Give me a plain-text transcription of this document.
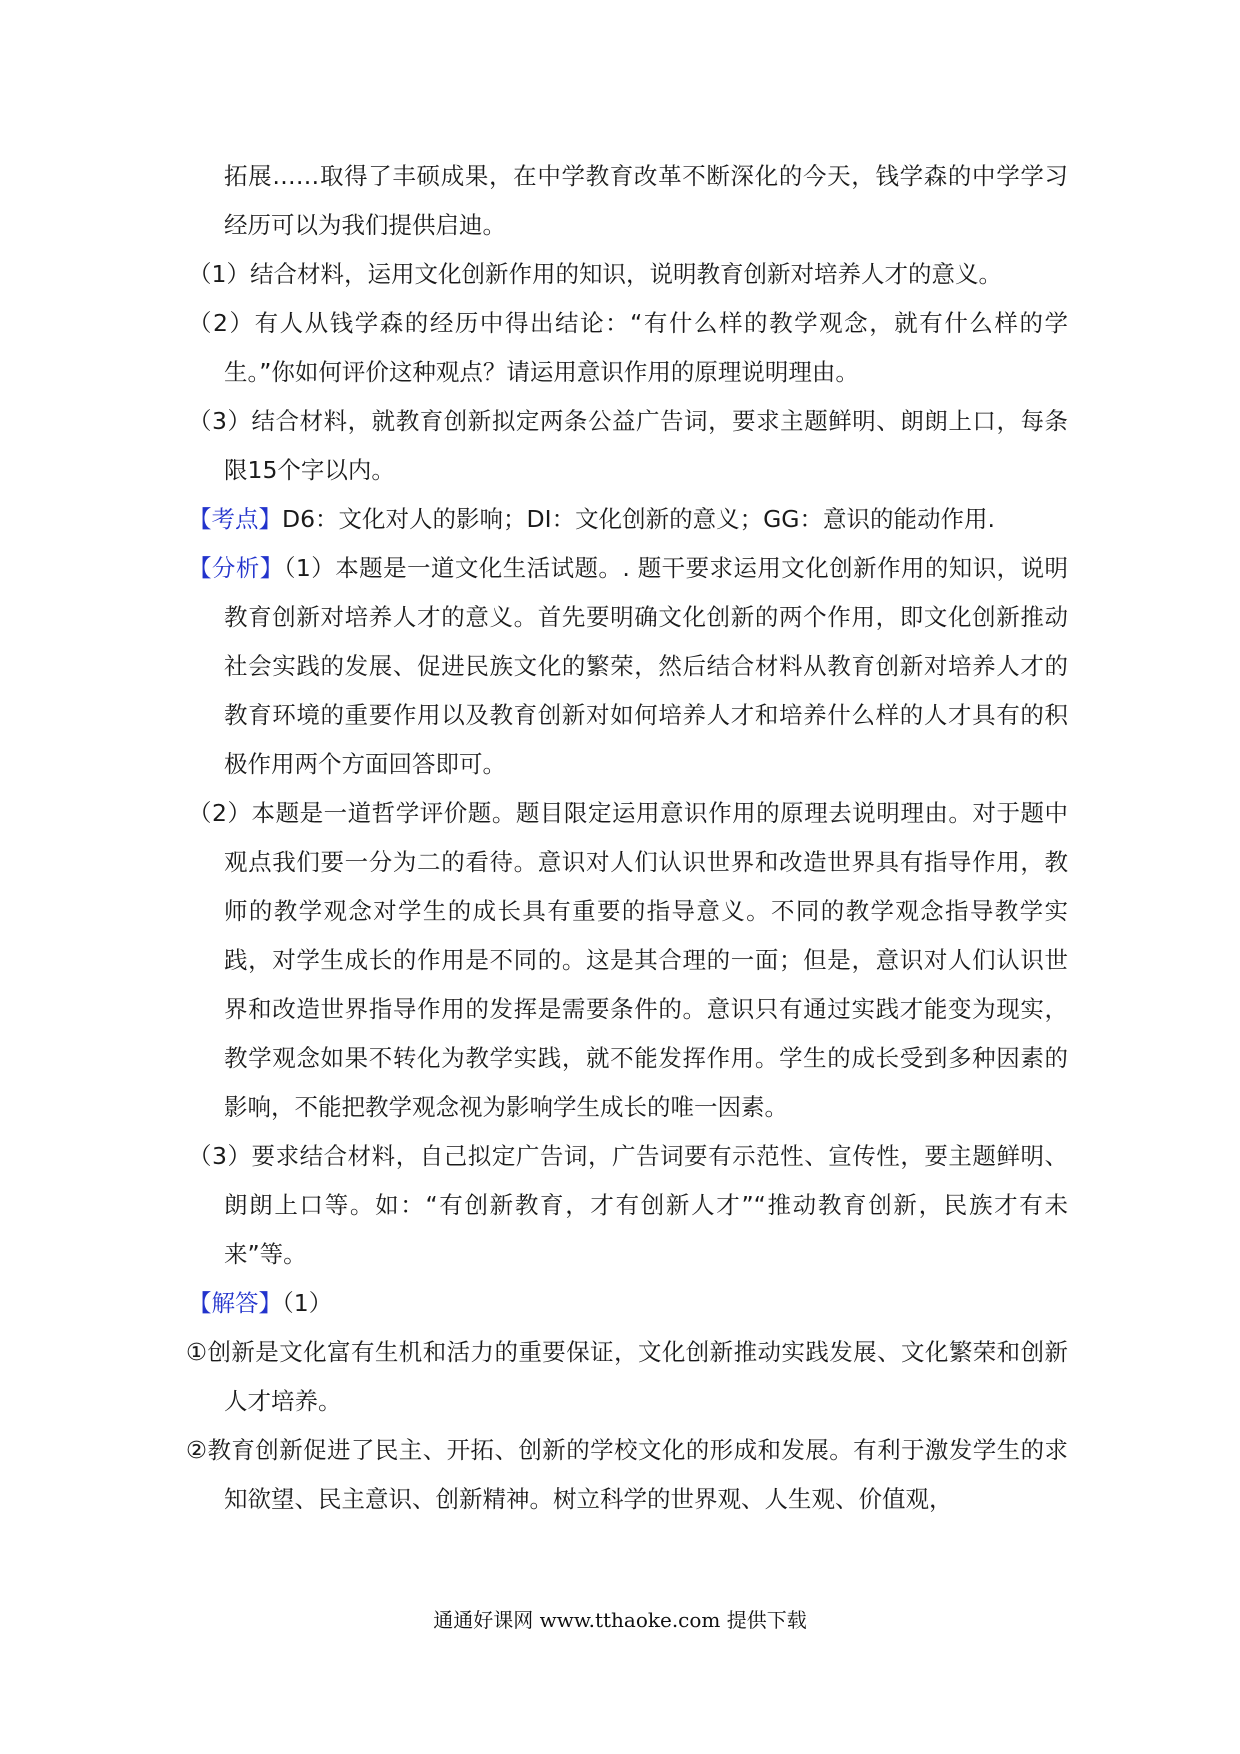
拓展……取得了丰硕成果，在中学教育改革不断深化的今天，钱学森的中学学习经历可以为我们提供启迪。

（1）结合材料，运用文化创新作用的知识，说明教育创新对培养人才的意义。

（2）有人从钱学森的经历中得出结论：“有什么样的教学观念，就有什么样的学生。”你如何评价这种观点？请运用意识作用的原理说明理由。

（3）结合材料，就教育创新拟定两条公益广告词，要求主题鲜明、朗朗上口，每条限15个字以内。

【考点】D6：文化对人的影响；DI：文化创新的意义；GG：意识的能动作用.

【分析】（1）本题是一道文化生活试题。. 题干要求运用文化创新作用的知识，说明教育创新对培养人才的意义。首先要明确文化创新的两个作用，即文化创新推动社会实践的发展、促进民族文化的繁荣，然后结合材料从教育创新对培养人才的教育环境的重要作用以及教育创新对如何培养人才和培养什么样的人才具有的积极作用两个方面回答即可。

（2）本题是一道哲学评价题。题目限定运用意识作用的原理去说明理由。对于题中观点我们要一分为二的看待。意识对人们认识世界和改造世界具有指导作用，教师的教学观念对学生的成长具有重要的指导意义。不同的教学观念指导教学实践，对学生成长的作用是不同的。这是其合理的一面；但是，意识对人们认识世界和改造世界指导作用的发挥是需要条件的。意识只有通过实践才能变为现实，教学观念如果不转化为教学实践，就不能发挥作用。学生的成长受到多种因素的影响，不能把教学观念视为影响学生成长的唯一因素。

（3）要求结合材料，自己拟定广告词，广告词要有示范性、宣传性，要主题鲜明、朗朗上口等。如：“有创新教育，才有创新人才”“推动教育创新，民族才有未来”等。

【解答】（1）

①创新是文化富有生机和活力的重要保证，文化创新推动实践发展、文化繁荣和创新人才培养。

②教育创新促进了民主、开拓、创新的学校文化的形成和发展。有利于激发学生的求知欲望、民主意识、创新精神。树立科学的世界观、人生观、价值观，

通通好课网 www.tthaoke.com 提供下载
